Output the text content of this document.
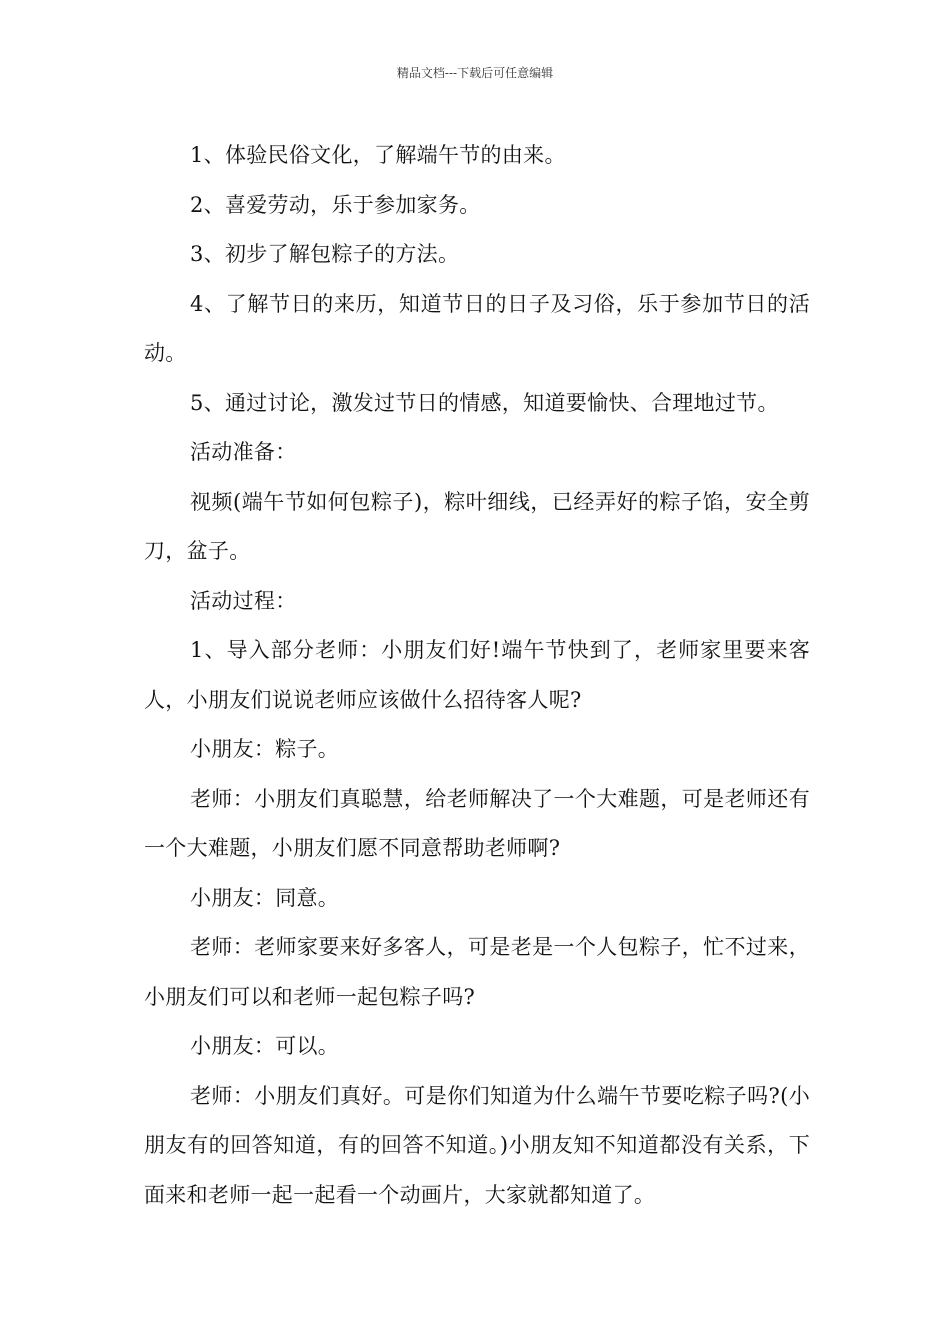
精品文档---下载后可任意编辑

1、体验民俗文化，了解端午节的由来。

2、喜爱劳动，乐于参加家务。

3、初步了解包粽子的方法。

4、了解节日的来历，知道节日的日子及习俗，乐于参加节日的活动。

5、通过讨论，激发过节日的情感，知道要愉快、合理地过节。

活动准备：

视频(端午节如何包粽子)，粽叶细线，已经弄好的粽子馅，安全剪刀，盆子。

活动过程：

1、导入部分老师：小朋友们好!端午节快到了，老师家里要来客人，小朋友们说说老师应该做什么招待客人呢?

小朋友：粽子。

老师：小朋友们真聪慧，给老师解决了一个大难题，可是老师还有一个大难题，小朋友们愿不同意帮助老师啊?

小朋友：同意。

老师：老师家要来好多客人，可是老是一个人包粽子，忙不过来，小朋友们可以和老师一起包粽子吗?

小朋友：可以。

老师：小朋友们真好。可是你们知道为什么端午节要吃粽子吗?(小朋友有的回答知道，有的回答不知道。)小朋友知不知道都没有关系，下面来和老师一起一起看一个动画片，大家就都知道了。
